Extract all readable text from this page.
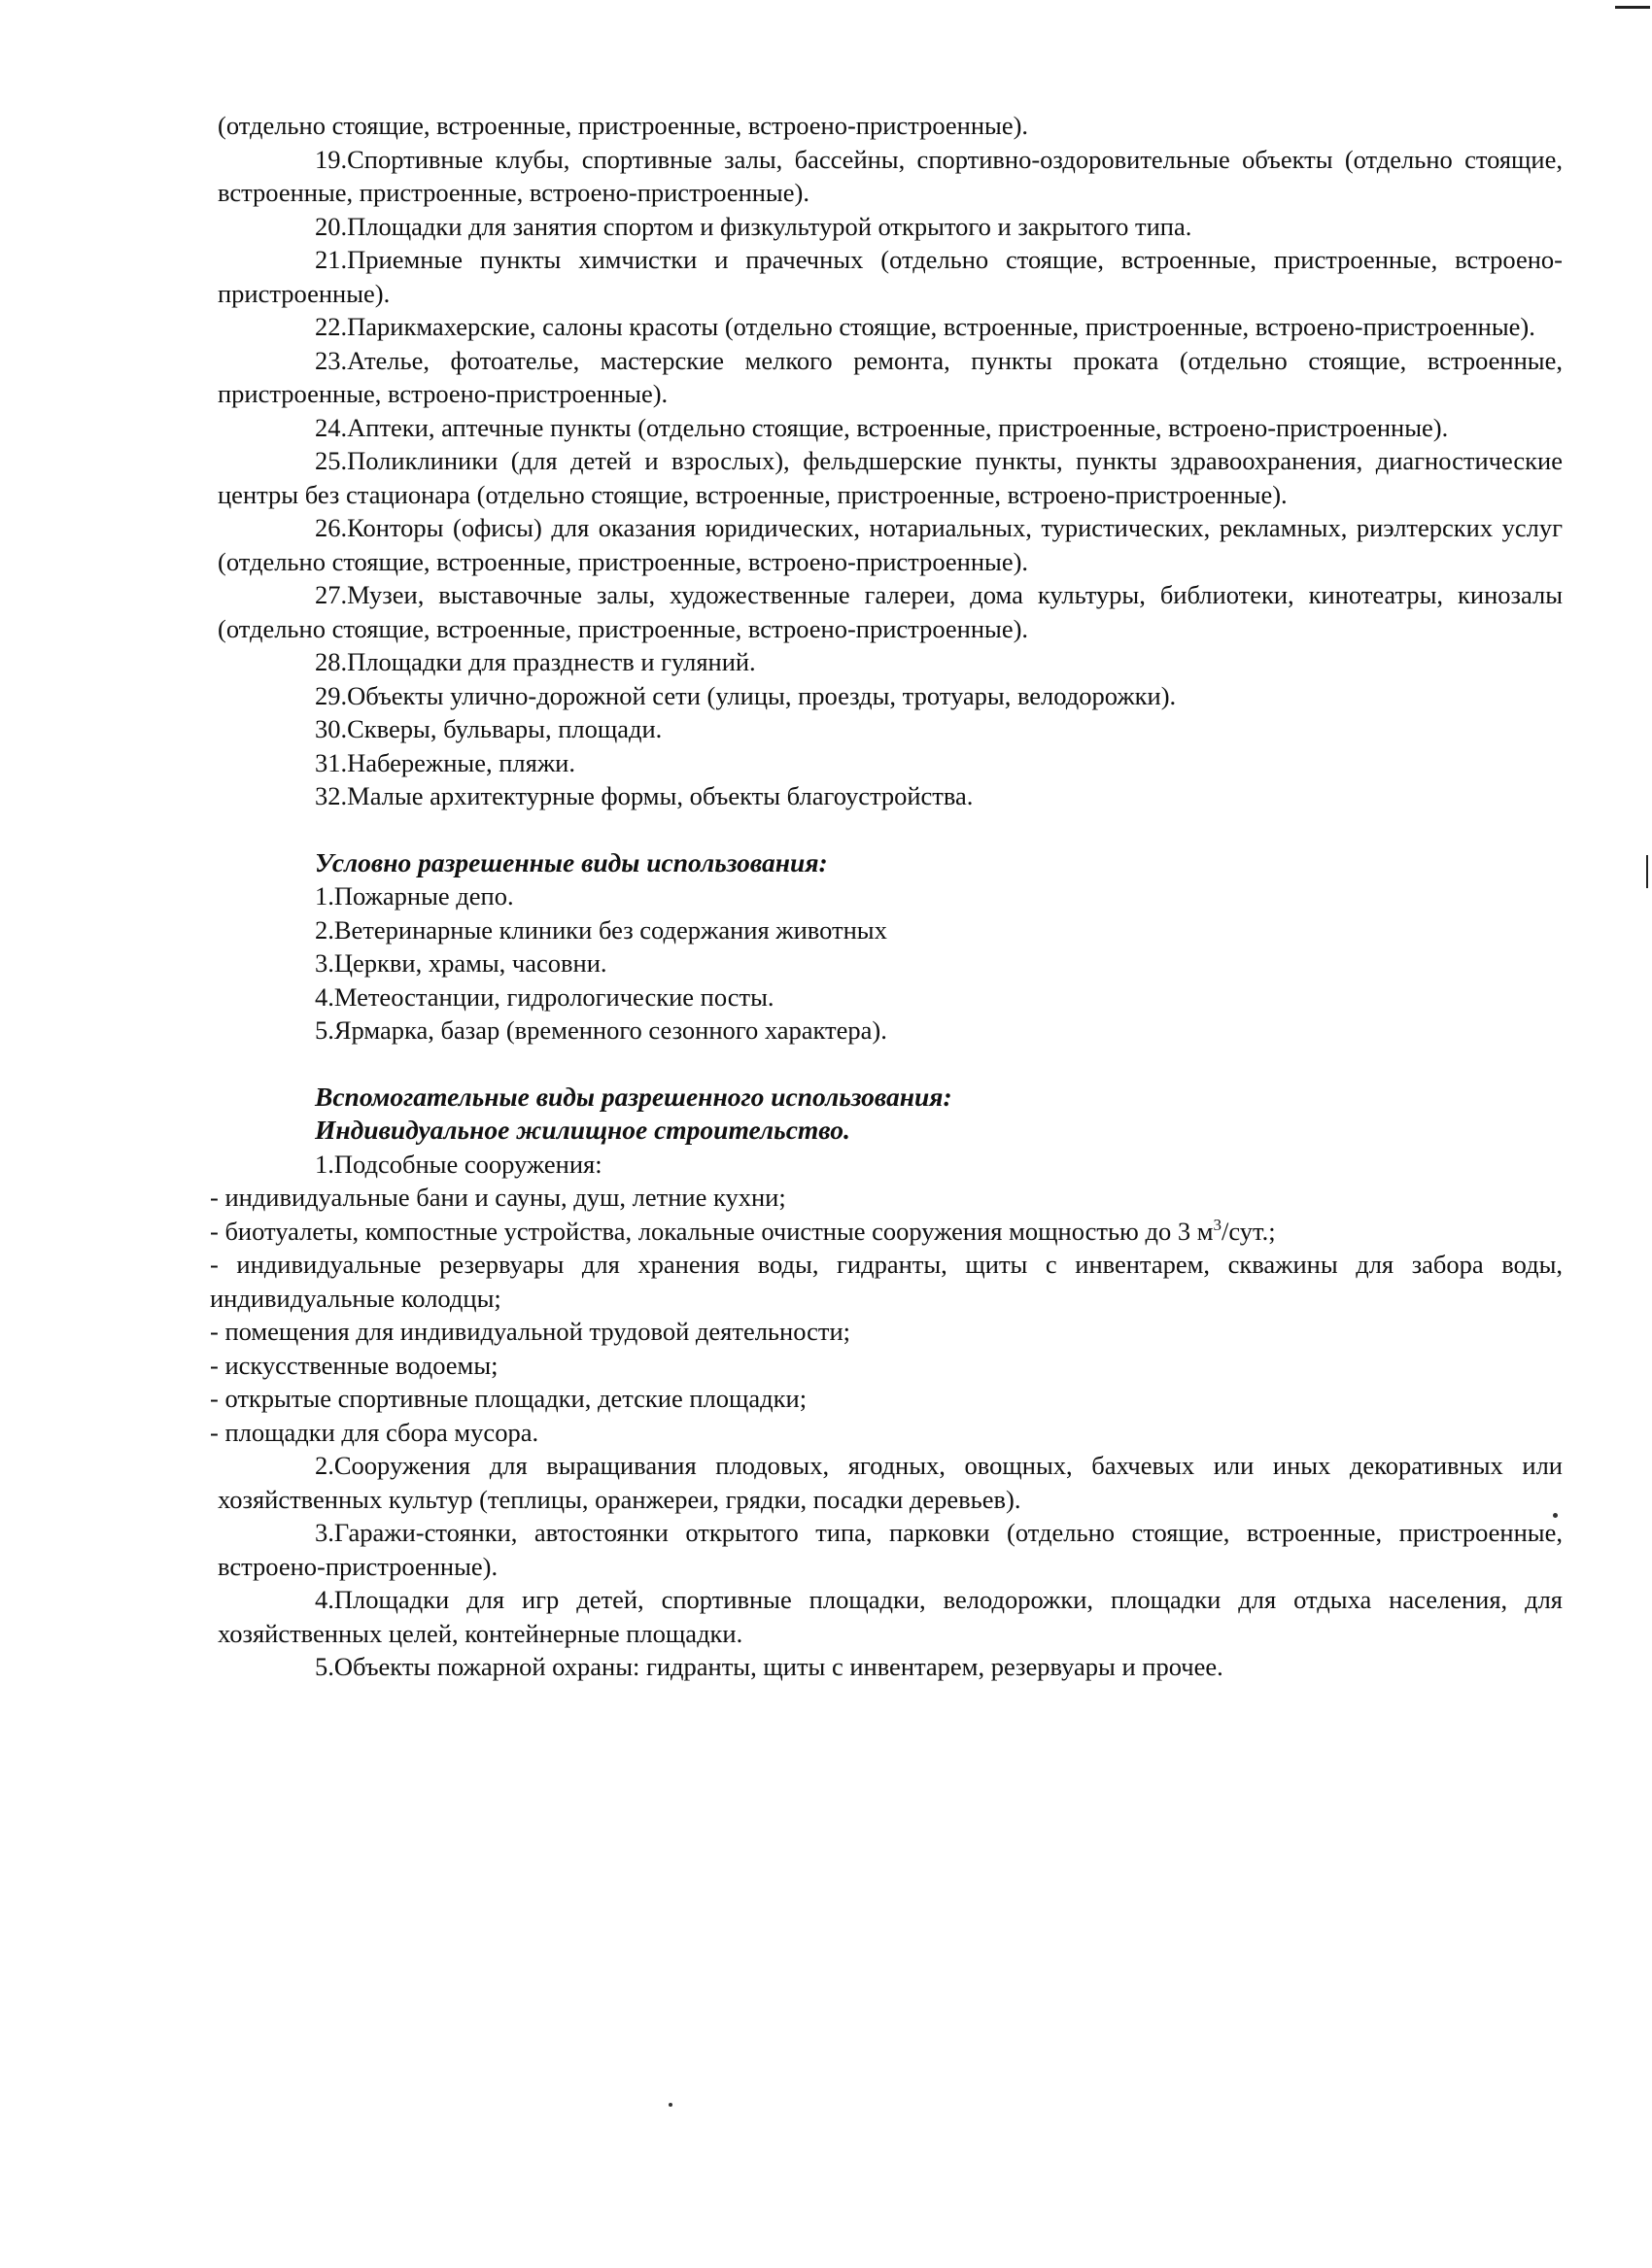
(отдельно стоящие, встроенные, пристроенные, встроено-пристроенные).

19.Спортивные клубы, спортивные залы, бассейны, спортивно-оздоровительные объекты (отдельно стоящие, встроенные, пристроенные, встроено-пристроенные).

20.Площадки для занятия спортом и физкультурой открытого и закрытого типа.

21.Приемные пункты химчистки и прачечных (отдельно стоящие, встроенные, пристроенные, встроено-пристроенные).

22.Парикмахерские, салоны красоты (отдельно стоящие, встроенные, пристроенные, встроено-пристроенные).

23.Ателье, фотоателье, мастерские мелкого ремонта, пункты проката (отдельно стоящие, встроенные, пристроенные, встроено-пристроенные).

24.Аптеки, аптечные пункты (отдельно стоящие, встроенные, пристроенные, встроено-пристроенные).

25.Поликлиники (для детей и взрослых), фельдшерские пункты, пункты здравоохранения, диагностические центры без стационара (отдельно стоящие, встроенные, пристроенные, встроено-пристроенные).

26.Конторы (офисы) для оказания юридических, нотариальных, туристических, рекламных, риэлтерских услуг (отдельно стоящие, встроенные, пристроенные, встроено-пристроенные).

27.Музеи, выставочные залы, художественные галереи, дома культуры, библиотеки, кинотеатры, кинозалы (отдельно стоящие, встроенные, пристроенные, встроено-пристроенные).

28.Площадки для празднеств и гуляний.

29.Объекты улично-дорожной сети (улицы, проезды, тротуары, велодорожки).

30.Скверы, бульвары, площади.

31.Набережные, пляжи.

32.Малые архитектурные формы, объекты благоустройства.

Условно разрешенные виды использования:

1.Пожарные депо.

2.Ветеринарные клиники без содержания животных

3.Церкви, храмы, часовни.

4.Метеостанции, гидрологические посты.

5.Ярмарка, базар (временного сезонного характера).

Вспомогательные виды разрешенного использования:

Индивидуальное жилищное строительство.

1.Подсобные сооружения:

- индивидуальные бани и сауны, душ, летние кухни;

- биотуалеты, компостные устройства, локальные очистные сооружения мощностью до 3 $м^3$/сут.;

- индивидуальные резервуары для хранения воды, гидранты, щиты с инвентарем, скважины для забора воды, индивидуальные колодцы;

- помещения для индивидуальной трудовой деятельности;

- искусственные водоемы;

- открытые спортивные площадки, детские площадки;

- площадки для сбора мусора.

2.Сооружения для выращивания плодовых, ягодных, овощных, бахчевых или иных декоративных или хозяйственных культур (теплицы, оранжереи, грядки, посадки деревьев).

3.Гаражи-стоянки, автостоянки открытого типа, парковки (отдельно стоящие, встроенные, пристроенные, встроено-пристроенные).

4.Площадки для игр детей, спортивные площадки, велодорожки, площадки для отдыха населения, для хозяйственных целей, контейнерные площадки.

5.Объекты пожарной охраны: гидранты, щиты с инвентарем, резервуары и прочее.
